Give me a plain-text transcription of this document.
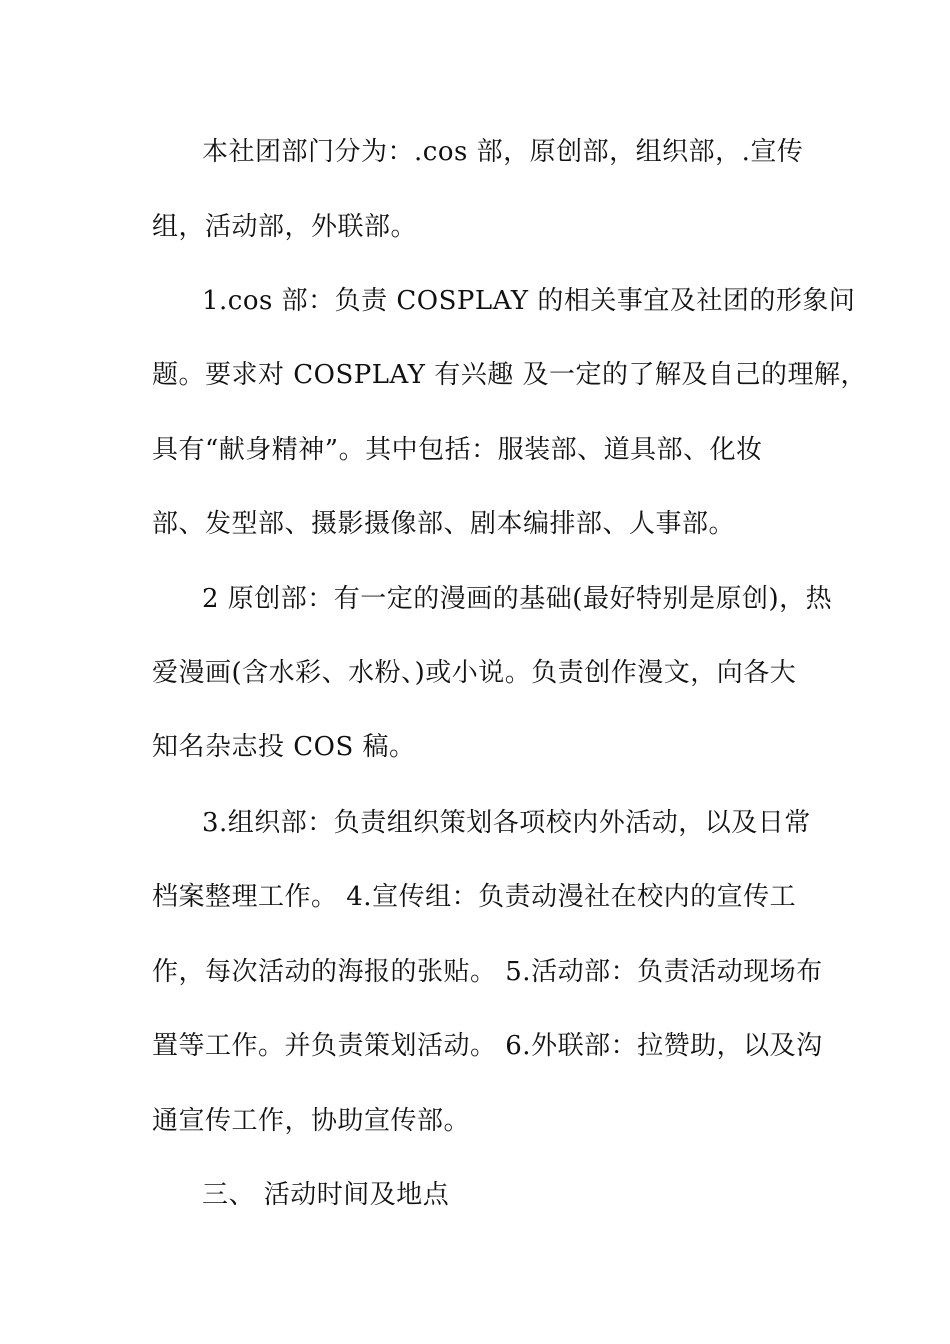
本社团部门分为：.cos 部，原创部，组织部，.宣传
组，活动部，外联部。
1.cos 部：负责 COSPLAY 的相关事宜及社团的形象问
题。要求对 COSPLAY 有兴趣 及一定的了解及自己的理解，
具有“献身精神”。其中包括：服装部、道具部、化妆
部、发型部、摄影摄像部、剧本编排部、人事部。
2 原创部：有一定的漫画的基础(最好特别是原创)，热
爱漫画(含水彩、水粉、)或小说。负责创作漫文，向各大
知名杂志投 COS 稿。
3.组织部：负责组织策划各项校内外活动，以及日常
档案整理工作。 4.宣传组：负责动漫社在校内的宣传工
作，每次活动的海报的张贴。 5.活动部：负责活动现场布
置等工作。并负责策划活动。 6.外联部：拉赞助，以及沟
通宣传工作，协助宣传部。
三、 活动时间及地点
